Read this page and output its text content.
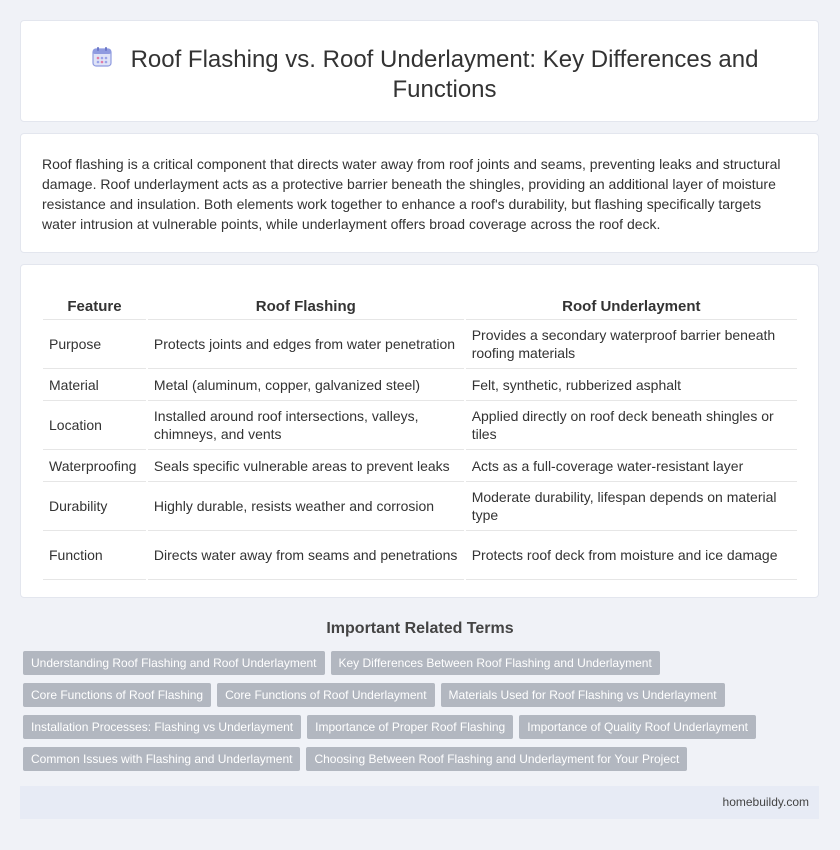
Roof Flashing vs. Roof Underlayment: Key Differences and Functions

Roof flashing is a critical component that directs water away from roof joints and seams, preventing leaks and structural damage. Roof underlayment acts as a protective barrier beneath the shingles, providing an additional layer of moisture resistance and insulation. Both elements work together to enhance a roof's durability, but flashing specifically targets water intrusion at vulnerable points, while underlayment offers broad coverage across the roof deck.

Feature	Roof Flashing	Roof Underlayment
Purpose	Protects joints and edges from water penetration	Provides a secondary waterproof barrier beneath roofing materials
Material	Metal (aluminum, copper, galvanized steel)	Felt, synthetic, rubberized asphalt
Location	Installed around roof intersections, valleys, chimneys, and vents	Applied directly on roof deck beneath shingles or tiles
Waterproofing	Seals specific vulnerable areas to prevent leaks	Acts as a full-coverage water-resistant layer
Durability	Highly durable, resists weather and corrosion	Moderate durability, lifespan depends on material type
Function	Directs water away from seams and penetrations	Protects roof deck from moisture and ice damage
Important Related Terms
Understanding Roof Flashing and Roof Underlayment Key Differences Between Roof Flashing and Underlayment
Core Functions of Roof Flashing Core Functions of Roof Underlayment Materials Used for Roof Flashing vs Underlayment
Installation Processes: Flashing vs Underlayment Importance of Proper Roof Flashing Importance of Quality Roof Underlayment
Common Issues with Flashing and Underlayment Choosing Between Roof Flashing and Underlayment for Your Project
homebuildy.com
